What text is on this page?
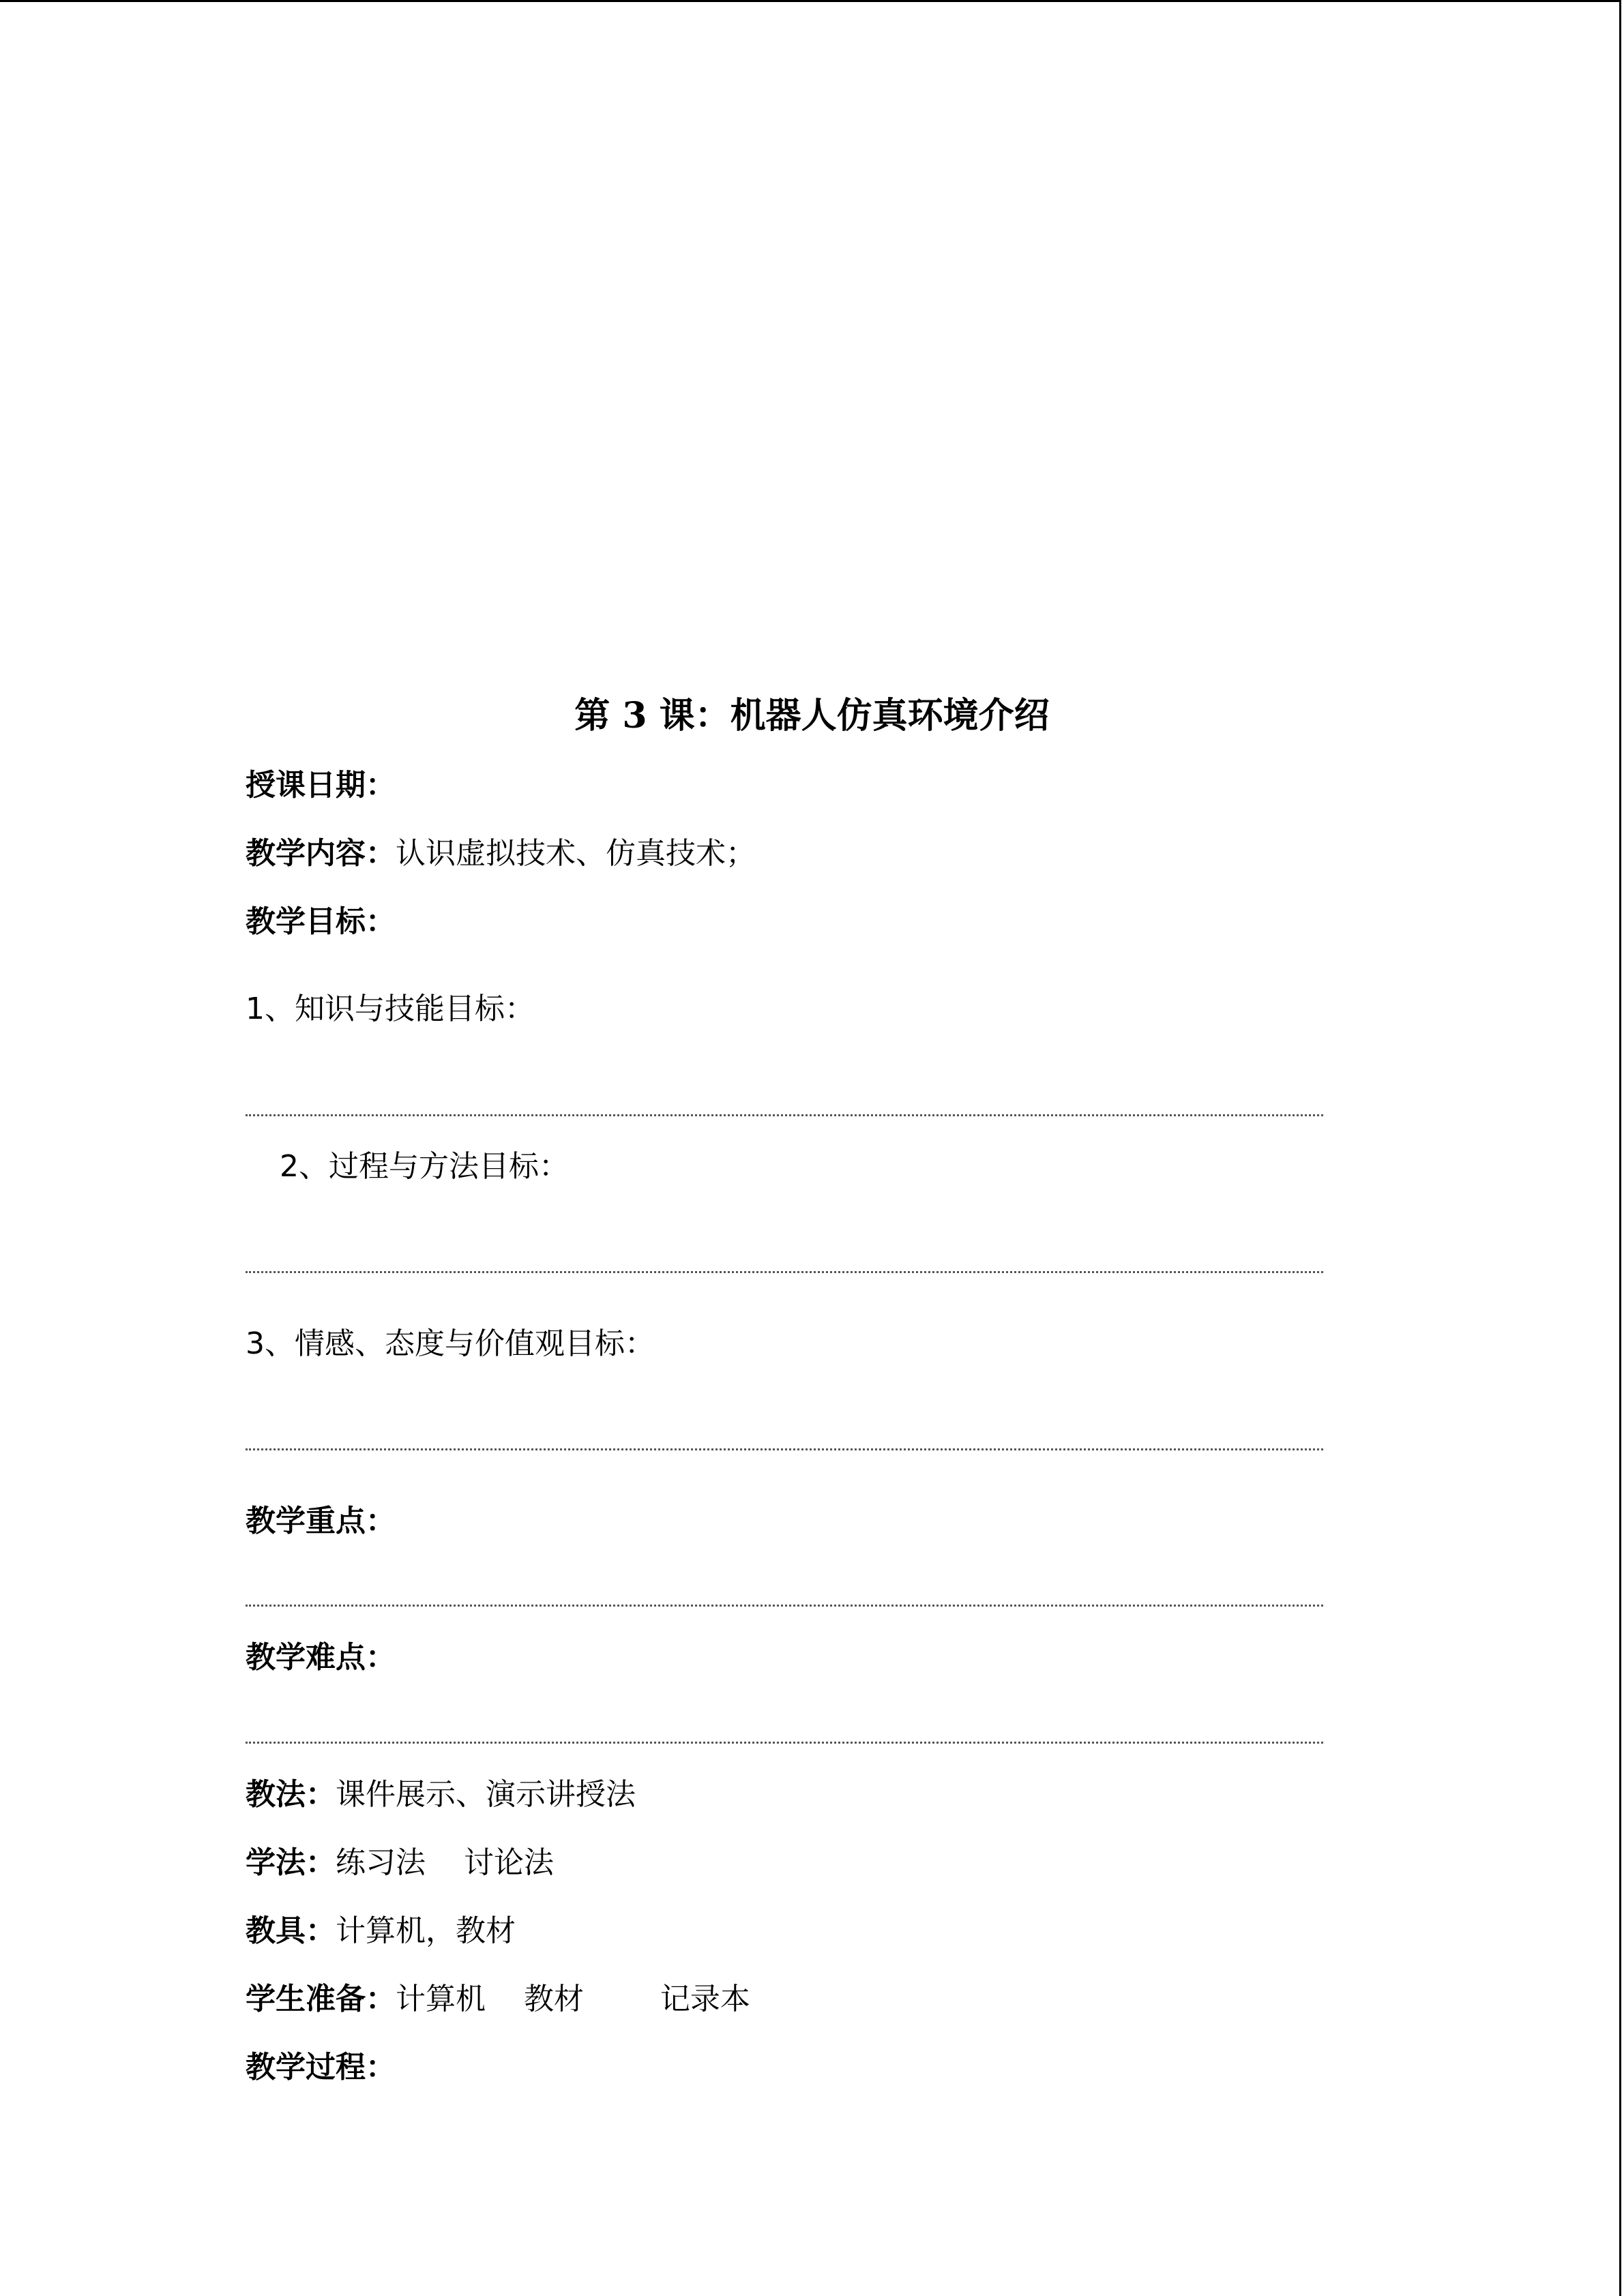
第 3 课：机器人仿真环境介绍
授课日期：
教学内容：认识虚拟技术、仿真技术；
教学目标：
1、知识与技能目标：
2、过程与方法目标：
3、情感、态度与价值观目标：
教学重点：
教学难点：
教法：课件展示、演示讲授法
学法：练习法    讨论法
教具：计算机，教材
学生准备：计算机    教材        记录本
教学过程：
